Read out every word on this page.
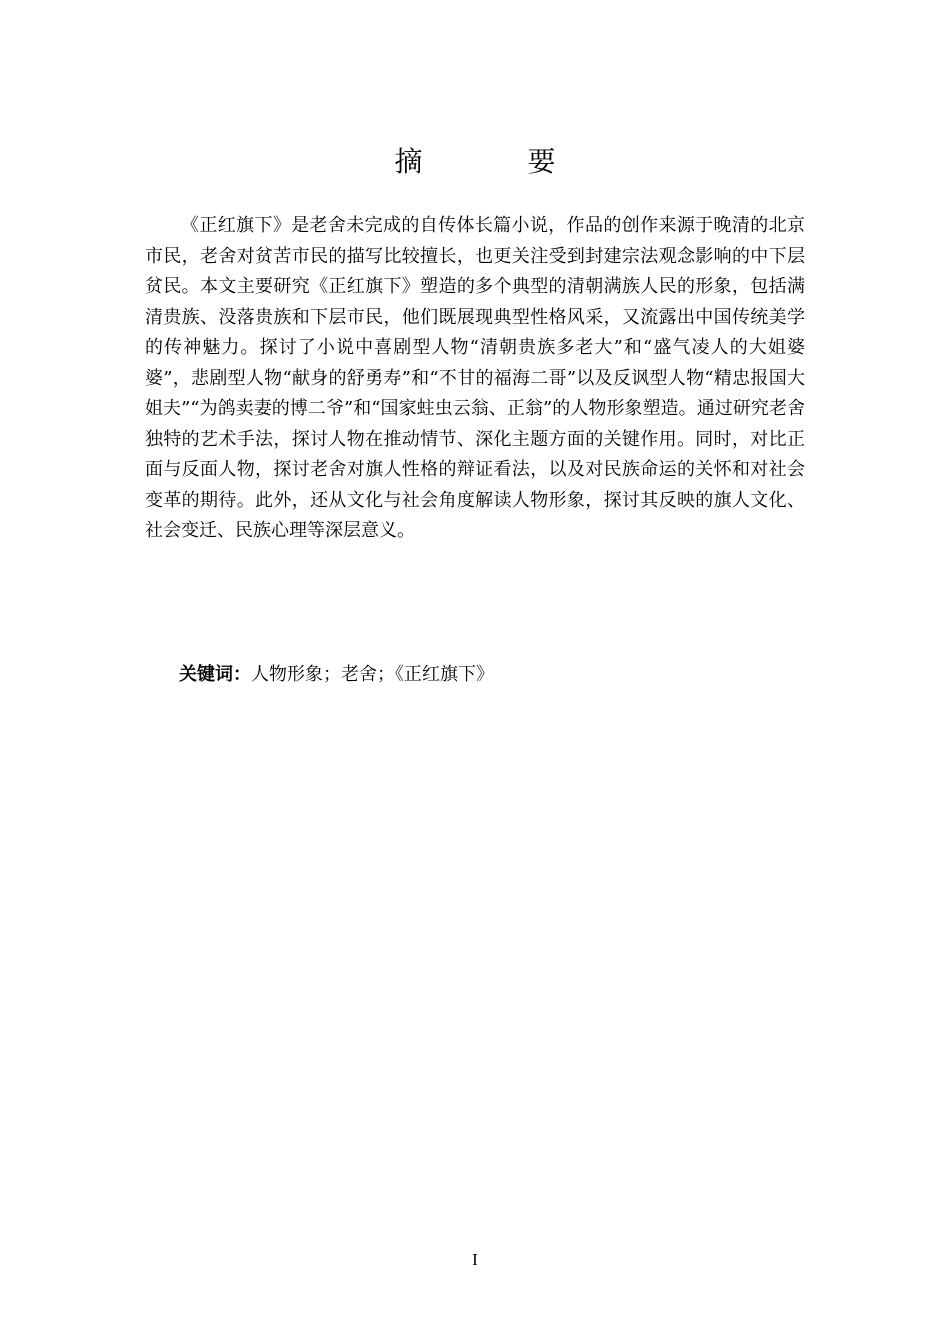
摘 要

《正红旗下》是老舍未完成的自传体长篇小说，作品的创作来源于晚清的北京市民，老舍对贫苦市民的描写比较擅长，也更关注受到封建宗法观念影响的中下层贫民。本文主要研究《正红旗下》塑造的多个典型的清朝满族人民的形象，包括满清贵族、没落贵族和下层市民，他们既展现典型性格风采，又流露出中国传统美学的传神魅力。探讨了小说中喜剧型人物“清朝贵族多老大”和“盛气凌人的大姐婆婆”，悲剧型人物“献身的舒勇寿”和“不甘的福海二哥”以及反讽型人物“精忠报国大姐夫”“为鸽卖妻的博二爷”和“国家蛀虫云翁、正翁”的人物形象塑造。通过研究老舍独特的艺术手法，探讨人物在推动情节、深化主题方面的关键作用。同时，对比正面与反面人物，探讨老舍对旗人性格的辩证看法，以及对民族命运的关怀和对社会变革的期待。此外，还从文化与社会角度解读人物形象，探讨其反映的旗人文化、社会变迁、民族心理等深层意义。

关键词：人物形象；老舍；《正红旗下》

I
